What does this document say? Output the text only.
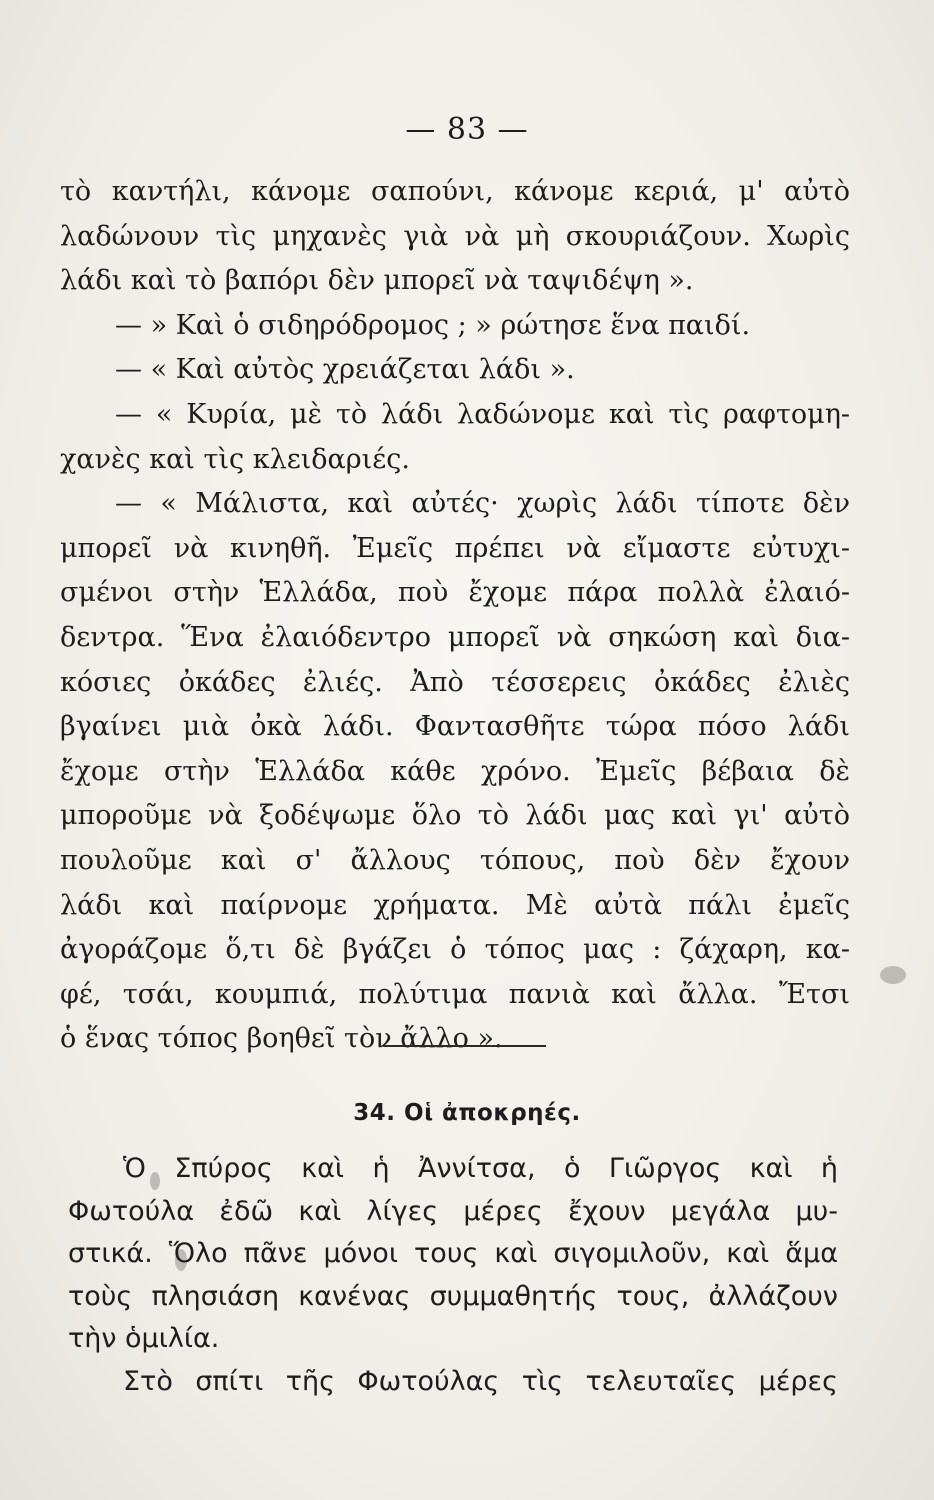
— 83 —
τὸ καντήλι, κάνομε σαπούνι, κάνομε κεριά, μ' αὐτὸ
λαδώνουν τὶς μηχανὲς γιὰ νὰ μὴ σκουριάζουν. Χωρὶς
λάδι καὶ τὸ βαπόρι δὲν μπορεῖ νὰ ταψιδέψη ».
— » Καὶ ὁ σιδηρόδρομος ; » ρώτησε ἕνα παιδί.
— « Καὶ αὐτὸς χρειάζεται λάδι ».
— « Κυρία, μὲ τὸ λάδι λαδώνομε καὶ τὶς ραφτομη-
χανὲς καὶ τὶς κλειδαριές.
— « Μάλιστα, καὶ αὐτές· χωρὶς λάδι τίποτε δὲν
μπορεῖ νὰ κινηθῆ. Ἐμεῖς πρέπει νὰ εἴμαστε εὐτυχι-
σμένοι στὴν Ἑλλάδα, ποὺ ἔχομε πάρα πολλὰ ἐλαιό-
δεντρα. Ἕνα ἐλαιόδεντρο μπορεῖ νὰ σηκώση καὶ δια-
κόσιες ὀκάδες ἐλιές. Ἀπὸ τέσσερεις ὀκάδες ἐλιὲς
βγαίνει μιὰ ὀκὰ λάδι. Φαντασθῆτε τώρα πόσο λάδι
ἔχομε στὴν Ἑλλάδα κάθε χρόνο. Ἐμεῖς βέβαια δὲ
μποροῦμε νὰ ξοδέψωμε ὅλο τὸ λάδι μας καὶ γι' αὐτὸ
πουλοῦμε καὶ σ' ἄλλους τόπους, ποὺ δὲν ἔχουν
λάδι καὶ παίρνομε χρήματα. Μὲ αὐτὰ πάλι ἐμεῖς
ἀγοράζομε ὅ,τι δὲ βγάζει ὁ τόπος μας : ζάχαρη, κα-
φέ, τσάι, κουμπιά, πολύτιμα πανιὰ καὶ ἄλλα. Ἔτσι
ὁ ἕνας τόπος βοηθεῖ τὸν ἄλλο ».
34. Οἱ ἀποκρηές.
Ὁ Σπύρος καὶ ἡ Ἀννίτσα, ὁ Γιῶργος καὶ ἡ
Φωτούλα ἐδῶ καὶ λίγες μέρες ἔχουν μεγάλα μυ-
στικά. Ὅλο πᾶνε μόνοι τους καὶ σιγομιλοῦν, καὶ ἅμα
τοὺς πλησιάση κανένας συμμαθητής τους, ἀλλάζουν
τὴν ὁμιλία.
Στὸ σπίτι τῆς Φωτούλας τὶς τελευταῖες μέρες
